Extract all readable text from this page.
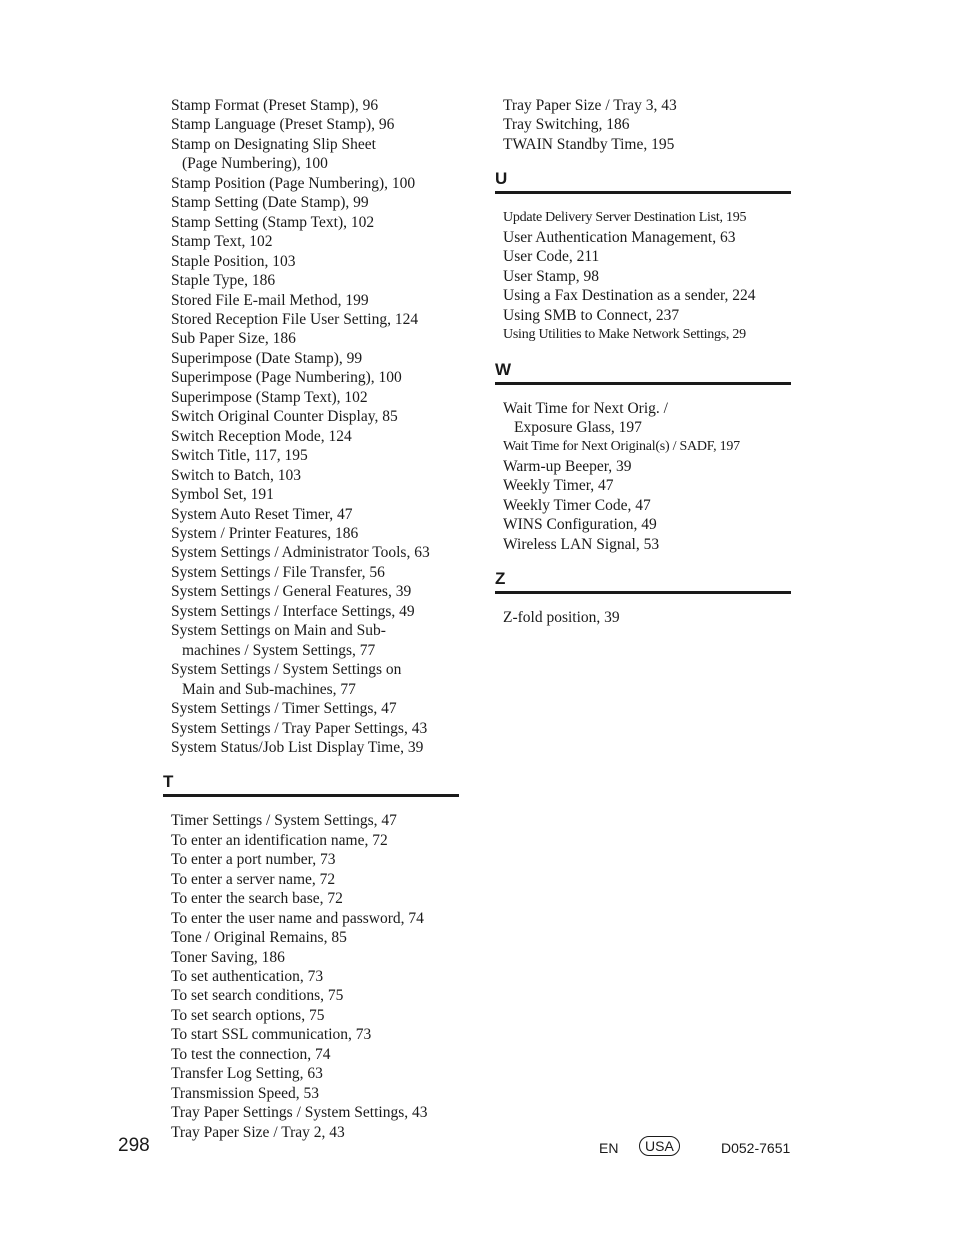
Stamp Format (Preset Stamp), 96
Stamp Language (Preset Stamp), 96
Stamp on Designating Slip Sheet
(Page Numbering), 100
Stamp Position (Page Numbering), 100
Stamp Setting (Date Stamp), 99
Stamp Setting (Stamp Text), 102
Stamp Text, 102
Staple Position, 103
Staple Type, 186
Stored File E-mail Method, 199
Stored Reception File User Setting, 124
Sub Paper Size, 186
Superimpose (Date Stamp), 99
Superimpose (Page Numbering), 100
Superimpose (Stamp Text), 102
Switch Original Counter Display, 85
Switch Reception Mode, 124
Switch Title, 117, 195
Switch to Batch, 103
Symbol Set, 191
System Auto Reset Timer, 47
System / Printer Features, 186
System Settings / Administrator Tools, 63
System Settings / File Transfer, 56
System Settings / General Features, 39
System Settings / Interface Settings, 49
System Settings on Main and Sub-
machines / System Settings, 77
System Settings / System Settings on
Main and Sub-machines, 77
System Settings / Timer Settings, 47
System Settings / Tray Paper Settings, 43
System Status/Job List Display Time, 39
T
Timer Settings / System Settings, 47
To enter an identification name, 72
To enter a port number, 73
To enter a server name, 72
To enter the search base, 72
To enter the user name and password, 74
Tone / Original Remains, 85
Toner Saving, 186
To set authentication, 73
To set search conditions, 75
To set search options, 75
To start SSL communication, 73
To test the connection, 74
Transfer Log Setting, 63
Transmission Speed, 53
Tray Paper Settings / System Settings, 43
Tray Paper Size / Tray 2, 43
Tray Paper Size / Tray 3, 43
Tray Switching, 186
TWAIN Standby Time, 195
U
Update Delivery Server Destination List, 195
User Authentication Management, 63
User Code, 211
User Stamp, 98
Using a Fax Destination as a sender, 224
Using SMB to Connect, 237
Using Utilities to Make Network Settings, 29
W
Wait Time for Next Orig. /
Exposure Glass, 197
Wait Time for Next Original(s) / SADF, 197
Warm-up Beeper, 39
Weekly Timer, 47
Weekly Timer Code, 47
WINS Configuration, 49
Wireless LAN Signal, 53
Z
Z-fold position, 39
298	EN	USA	D052-7651
